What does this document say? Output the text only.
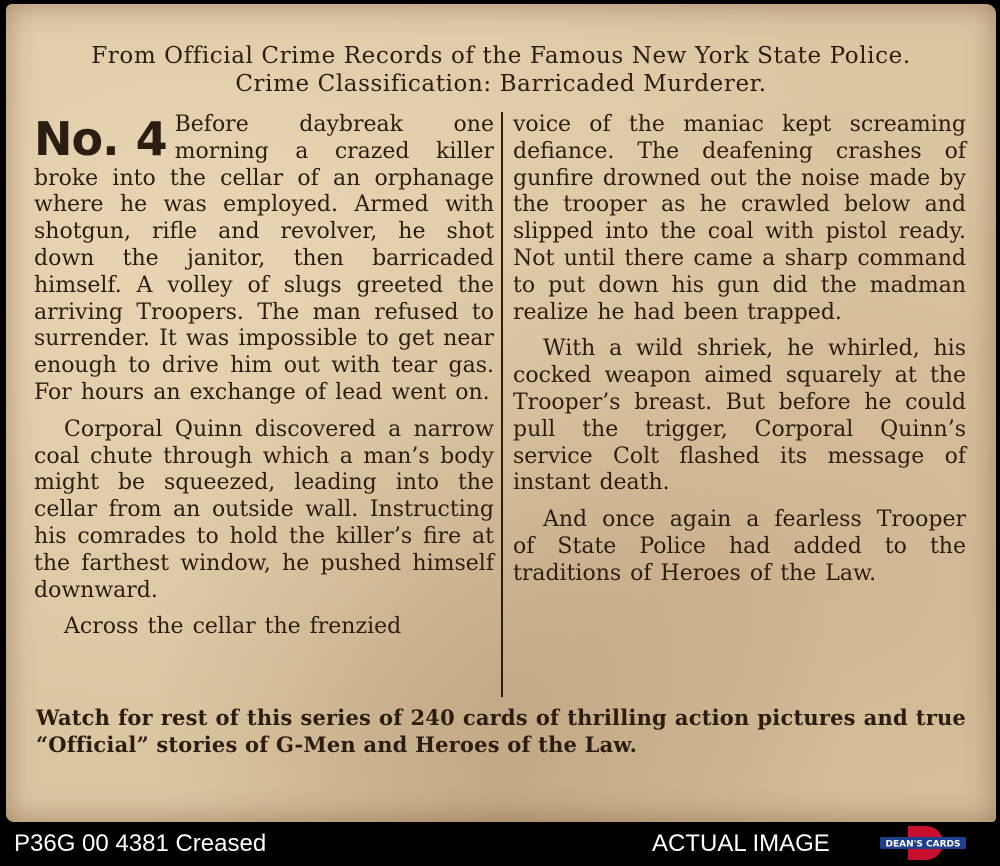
From Official Crime Records of the Famous New York State Police.
Crime Classification: Barricaded Murderer.
No. 4 Before daybreak one morning a crazed killer broke into the cellar of an orphanage where he was employed. Armed with shotgun, rifle and revolver, he shot down the janitor, then barricaded himself. A volley of slugs greeted the arriving Troopers. The man refused to surrender. It was impossible to get near enough to drive him out with tear gas. For hours an exchange of lead went on.
Corporal Quinn discovered a narrow coal chute through which a man’s body might be squeezed, leading into the cellar from an outside wall. Instructing his comrades to hold the killer’s fire at the farthest window, he pushed himself downward.
Across the cellar the frenzied
voice of the maniac kept screaming defiance. The deafening crashes of gunfire drowned out the noise made by the trooper as he crawled below and slipped into the coal with pistol ready. Not until there came a sharp command to put down his gun did the madman realize he had been trapped.
With a wild shriek, he whirled, his cocked weapon aimed squarely at the Trooper’s breast. But before he could pull the trigger, Corporal Quinn’s service Colt flashed its message of instant death.
And once again a fearless Trooper of State Police had added to the traditions of Heroes of the Law.
Watch for rest of this series of 240 cards of thrilling action pictures and true “Official” stories of G-Men and Heroes of the Law.
P36G 00 4381 Creased	ACTUAL IMAGE	DEAN'S CARDS
